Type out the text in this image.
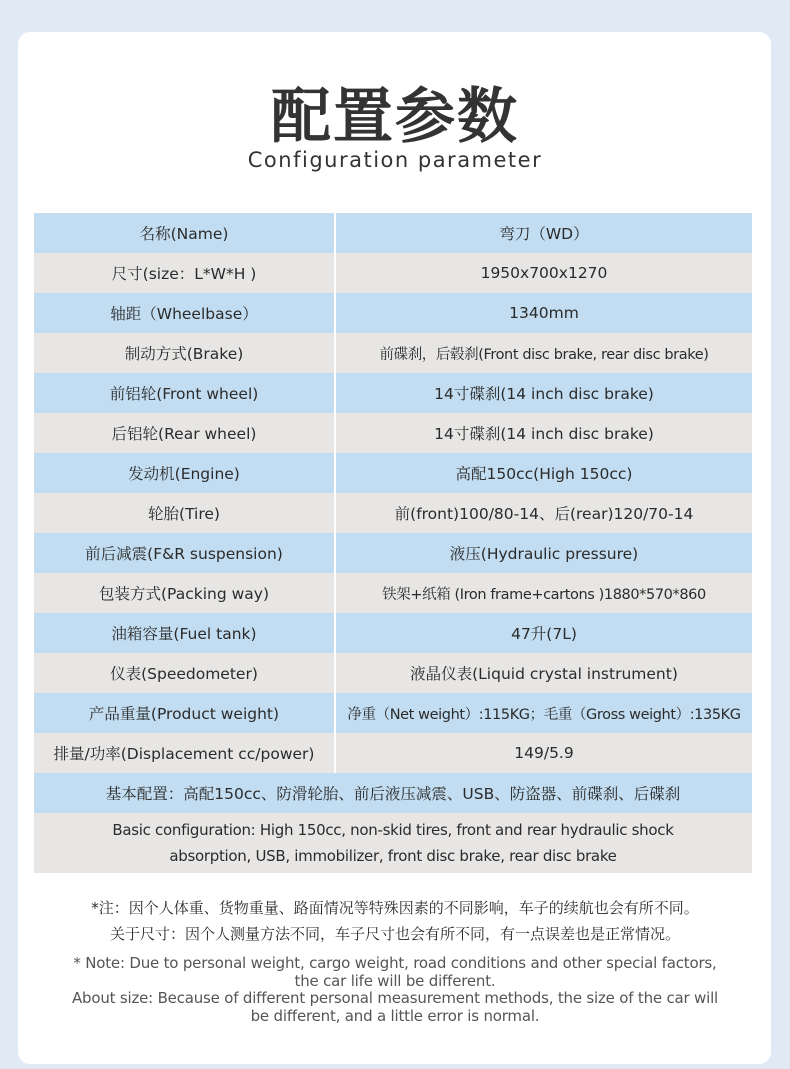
配置参数
Configuration parameter
名称(Name)	弯刀（WD）
尺寸(size：L*W*H )	1950x700x1270
轴距（Wheelbase）	1340mm
制动方式(Brake)	前碟刹，后毂刹(Front disc brake, rear disc brake)
前铝轮(Front wheel)	14寸碟刹(14 inch disc brake)
后铝轮(Rear wheel)	14寸碟刹(14 inch disc brake)
发动机(Engine)	高配150cc(High 150cc)
轮胎(Tire)	前(front)100/80-14、后(rear)120/70-14
前后减震(F&R suspension)	液压(Hydraulic pressure)
包装方式(Packing way)	铁架+纸箱 (Iron frame+cartons )1880*570*860
油箱容量(Fuel tank)	47升(7L)
仪表(Speedometer)	液晶仪表(Liquid crystal instrument)
产品重量(Product weight)	净重（Net weight）:115KG；毛重（Gross weight）:135KG
排量/功率(Displacement cc/power)	149/5.9
基本配置：高配150cc、防滑轮胎、前后液压减震、USB、防盗器、前碟刹、后碟刹
Basic configuration: High 150cc, non-skid tires, front and rear hydraulic shock
absorption, USB, immobilizer, front disc brake, rear disc brake
*注：因个人体重、货物重量、路面情况等特殊因素的不同影响，车子的续航也会有所不同。
关于尺寸：因个人测量方法不同，车子尺寸也会有所不同，有一点误差也是正常情况。
* Note: Due to personal weight, cargo weight, road conditions and other special factors,
the car life will be different.
About size: Because of different personal measurement methods, the size of the car will
be different, and a little error is normal.
